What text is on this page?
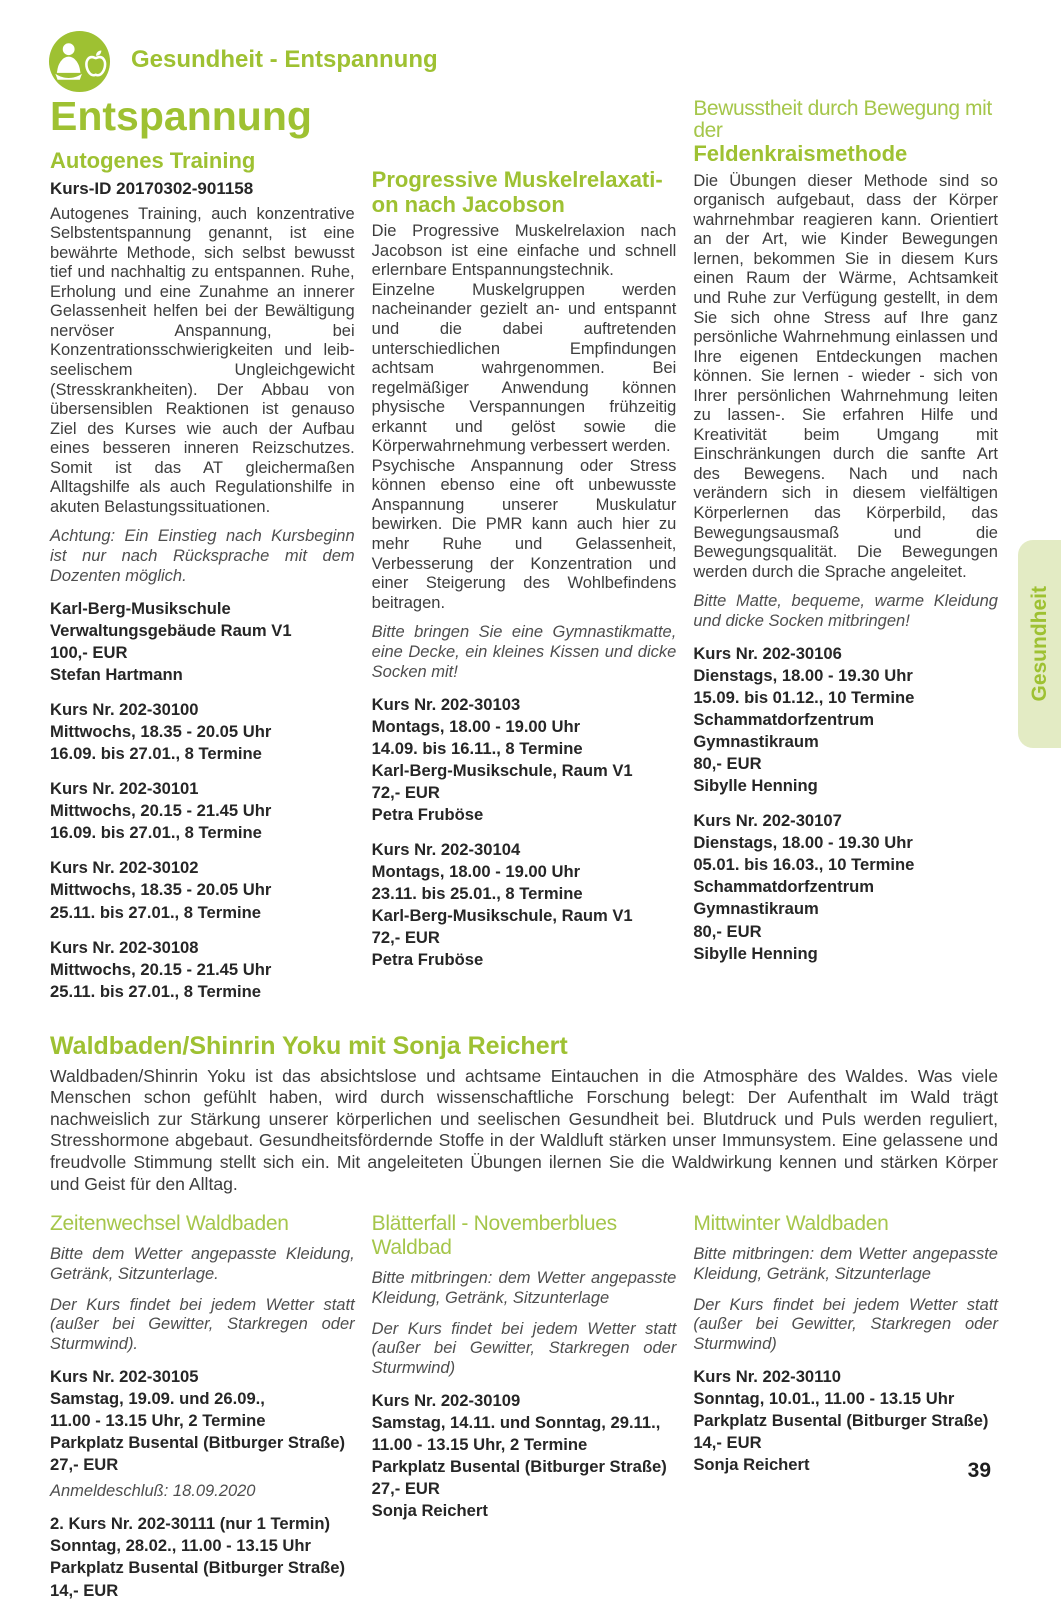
Gesundheit - Entspannung
Entspannung
Autogenes Training
Kurs-ID 20170302-901158

Autogenes Training, auch konzentrative Selbstentspannung genannt, ist eine bewährte Methode, sich selbst bewusst tief und nachhaltig zu entspannen. Ruhe, Erholung und eine Zunahme an innerer Gelassenheit helfen bei der Bewältigung nervöser Anspannung, bei Konzentrationsschwierigkeiten und leib-seelischem Ungleichgewicht (Stresskrankheiten). Der Abbau von übersensiblen Reaktionen ist genauso Ziel des Kurses wie auch der Aufbau eines besseren inneren Reizschutzes. Somit ist das AT gleichermaßen Alltagshilfe als auch Regulationshilfe in akuten Belastungssituationen.

Achtung: Ein Einstieg nach Kursbeginn ist nur nach Rücksprache mit dem Dozenten möglich.

Karl-Berg-Musikschule
Verwaltungsgebäude Raum V1
100,- EUR
Stefan Hartmann
Kurs Nr. 202-30100
Mittwochs, 18.35 - 20.05 Uhr
16.09. bis 27.01., 8 Termine
Kurs Nr. 202-30101
Mittwochs, 20.15 - 21.45 Uhr
16.09. bis 27.01., 8 Termine
Kurs Nr. 202-30102
Mittwochs, 18.35 - 20.05 Uhr
25.11. bis 27.01., 8 Termine
Kurs Nr. 202-30108
Mittwochs, 20.15 - 21.45 Uhr
25.11. bis 27.01., 8 Termine
Progressive Muskelrelaxati-
on nach Jacobson

Die Progressive Muskelrelaxion nach Jacobson ist eine einfache und schnell erlernbare Entspannungstechnik.

Einzelne Muskelgruppen werden nacheinander gezielt an- und entspannt und die dabei auftretenden unterschiedlichen Empfindungen achtsam wahrgenommen. Bei regelmäßiger Anwendung können physische Verspannungen frühzeitig erkannt und gelöst sowie die Körperwahrnehmung verbessert werden.

Psychische Anspannung oder Stress können ebenso eine oft unbewusste Anspannung unserer Muskulatur bewirken. Die PMR kann auch hier zu mehr Ruhe und Gelassenheit, Verbesserung der Konzentration und einer Steigerung des Wohlbefindens beitragen.

Bitte bringen Sie eine Gymnastikmatte, eine Decke, ein kleines Kissen und dicke Socken mit!

Kurs Nr. 202-30103
Montags, 18.00 - 19.00 Uhr
14.09. bis 16.11., 8 Termine
Karl-Berg-Musikschule, Raum V1
72,- EUR
Petra Fruböse
Kurs Nr. 202-30104
Montags, 18.00 - 19.00 Uhr
23.11. bis 25.01., 8 Termine
Karl-Berg-Musikschule, Raum V1
72,- EUR
Petra Fruböse
Bewusstheit durch Bewegung mit der
Feldenkraismethode

Die Übungen dieser Methode sind so organisch aufgebaut, dass der Körper wahrnehmbar reagieren kann. Orientiert an der Art, wie Kinder Bewegungen lernen, bekommen Sie in diesem Kurs einen Raum der Wärme, Achtsamkeit und Ruhe zur Verfügung gestellt, in dem Sie sich ohne Stress auf Ihre ganz persönliche Wahrnehmung einlassen und Ihre eigenen Entdeckungen machen können. Sie lernen - wieder - sich von Ihrer persönlichen Wahrnehmung leiten zu lassen-. Sie erfahren Hilfe und Kreativität beim Umgang mit Einschränkungen durch die sanfte Art des Bewegens. Nach und nach verändern sich in diesem vielfältigen Körperlernen das Körperbild, das Bewegungsausmaß und die Bewegungsqualität. Die Bewegungen werden durch die Sprache angeleitet.

Bitte Matte, bequeme, warme Kleidung und dicke Socken mitbringen!

Kurs Nr. 202-30106
Dienstags, 18.00 - 19.30 Uhr
15.09. bis 01.12., 10 Termine
Schammatdorfzentrum Gymnastikraum
80,- EUR
Sibylle Henning
Kurs Nr. 202-30107
Dienstags, 18.00 - 19.30 Uhr
05.01. bis 16.03., 10 Termine
Schammatdorfzentrum Gymnastikraum
80,- EUR
Sibylle Henning
Waldbaden/Shinrin Yoku mit Sonja Reichert

Waldbaden/Shinrin Yoku ist das absichtslose und achtsame Eintauchen in die Atmosphäre des Waldes. Was viele Menschen schon gefühlt haben, wird durch wissenschaftliche Forschung belegt: Der Aufenthalt im Wald trägt nachweislich zur Stärkung unserer körperlichen und seelischen Gesundheit bei. Blutdruck und Puls werden reguliert, Stresshormone abgebaut. Gesundheitsfördernde Stoffe in der Waldluft stärken unser Immunsystem. Eine gelassene und freudvolle Stimmung stellt sich ein. Mit angeleiteten Übungen ilernen Sie die Waldwirkung kennen und stärken Körper und Geist für den Alltag.

Zeitenwechsel Waldbaden

Bitte dem Wetter angepasste Kleidung, Getränk, Sitzunterlage.

Der Kurs findet bei jedem Wetter statt (außer bei Gewitter, Starkregen oder Sturmwind).

Kurs Nr. 202-30105
Samstag, 19.09. und 26.09.,
11.00 - 13.15 Uhr, 2 Termine
Parkplatz Busental (Bitburger Straße)
27,- EUR
Anmeldeschluß: 18.09.2020
2. Kurs Nr. 202-30111 (nur 1 Termin)
Sonntag, 28.02., 11.00 - 13.15 Uhr
Parkplatz Busental (Bitburger Straße)
14,- EUR
Blätterfall - Novemberblues Waldbad

Bitte mitbringen: dem Wetter angepasste Kleidung, Getränk, Sitzunterlage

Der Kurs findet bei jedem Wetter statt (außer bei Gewitter, Starkregen oder Sturmwind)

Kurs Nr. 202-30109
Samstag, 14.11. und Sonntag, 29.11.,
11.00 - 13.15 Uhr, 2 Termine
Parkplatz Busental (Bitburger Straße)
27,- EUR
Sonja Reichert
Mittwinter Waldbaden

Bitte mitbringen: dem Wetter angepasste Kleidung, Getränk, Sitzunterlage

Der Kurs findet bei jedem Wetter statt (außer bei Gewitter, Starkregen oder Sturmwind)

Kurs Nr. 202-30110
Sonntag, 10.01., 11.00 - 13.15 Uhr
Parkplatz Busental (Bitburger Straße)
14,- EUR
Sonja Reichert
Gesundheit
39
